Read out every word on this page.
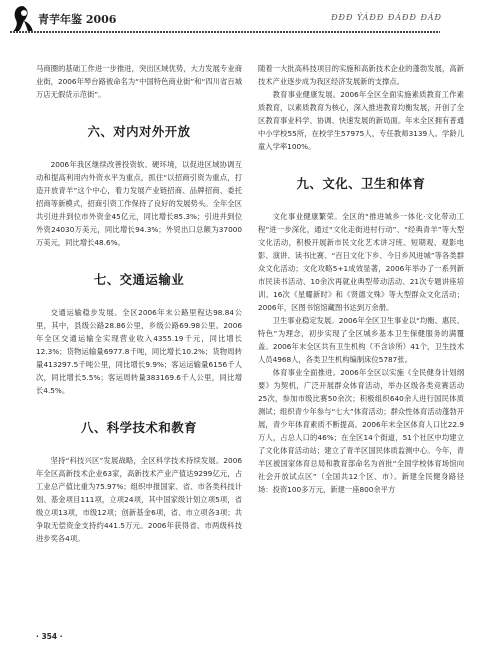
青芋年鉴 2006	ÐÐÐ ÝÁÐÐ ÐÁÐÐ ÐÁÐ

马商圈的基础工作进一步推进，突出区域优势，大力发展专业商业街，2006年琴台路被命名为“中国特色商业街”和“四川省百城万店无假货示范街”。

六、对内对外开放

2006年我区继续改善投资软、硬环境，以促进区域协调互动和提高利用内外资水平为重点，抓住“以招商引资为重点，打造开放青羊”这个中心，着力发展产业链招商、品牌招商、委托招商等新模式，招商引资工作保持了良好的发展势头。全年全区共引进并到位市外资金45亿元，同比增长85.3%；引进并到位外资24030万美元，同比增长94.3%；外贸出口总额为37000万美元，同比增长48.6%。

七、交通运输业

交通运输稳步发展。全区2006年末公路里程达98.84公里，其中，县级公路28.86公里，乡级公路69.98公里。2006年全区交通运输全实现营业收入4355.19千元，同比增长12.3%；货物运输量6977.8千吨，同比增长10.2%；货物周转量413297.5千吨公里，同比增长9.9%；客运运输量6156千人次，同比增长5.5%；客运周转量383169.6千人公里，同比增长4.5%。

八、科学技术和教育

坚持“科技兴区”发展战略，全区科学技术持续发展。2006年全区高新技术企业63家，高新技术产业产值达9299亿元，占工业总产值比重为75.97%；组织申报国家、省、市各类科技计划、基金项目111项，立项24项，其中国家级计划立项5项，省级立项13项，市级12项；创新基金6项，省、市立项各3项；共争取无偿资金支持约441.5万元。2006年获得省、市两级科技进步奖各4项。

随着一大批高科技项目的实施和高新技术企业的蓬勃发展，高新技术产业逐步成为我区经济发展新的支撑点。

教育事业健康发展。2006年全区全面实施素质教育工作素质教育，以素质教育为核心，深入推进教育均衡发展，开创了全区教育事业科学、协调、快速发展的新局面。年末全区拥有普通中小学校55所，在校学生57975人，专任教师3139人。学龄儿童入学率100%。

九、文化、卫生和体育

文化事业健康繁荣。全区的“推进城乡一体化·文化带动工程”进一步深化，通过“文化走街进村行动”、“经典青羊”等大型文化活动，积极开展新市民文化艺术讲习班、短期观、观影电影、演讲、读书比赛、“百日文化下乡、今日乡风进城”等各类群众文化活动；文化攻略5+1成效显著，2006年举办了一系列新市民读书活动、10余次再就业典型带动活动、21次专题讲座培训、16次《星耀新时》和《贤德文殊》等大型群众文化活动；2006年，区图书馆馆藏图书达到万余册。

卫生事业稳定发展。2006年全区卫生事业以“均衡、惠民、特色”为理念，初步实现了全区城乡基本卫生保健服务的满覆盖。2006年末全区共有卫生机构（不含诊所）41个，卫生技术人员4968人，各类卫生机构编制床位5787张。

体育事业全面推进。2006年全区以实施《全民健身计划纲要》为契机，广泛开展群众体育活动，举办区级各类竞赛活动25次，参加市级比赛50余次；积极组织640余人进行国民体质测试；组织青少年参与“七大”体育活动；群众性体育活动蓬勃开展，青少年体育素质不断提高。2006年末全区体育人口比22.9万人，占总人口的46%；在全区14个街道，51个社区中均建立了文化体育活动站；建立了青羊区国民体质监测中心。今年，青羊区被国家体育总局和教育部命名为首批“全国学校体育场馆向社会开放试点区”（全国共12个区、市）。新建全民健身路径场：投资100多万元，新建一座800余平方

· 354 ·
